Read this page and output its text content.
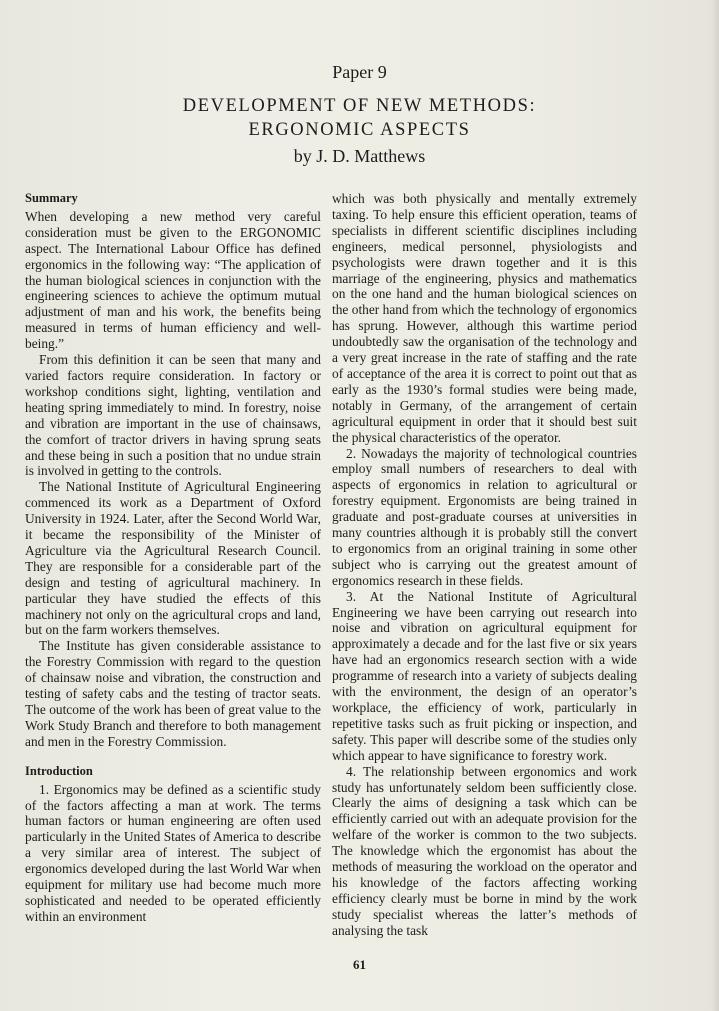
Paper 9
DEVELOPMENT OF NEW METHODS:
ERGONOMIC ASPECTS
by J. D. Matthews
Summary

When developing a new method very careful consideration must be given to the ERGONOMIC aspect. The International Labour Office has defined ergonomics in the following way: “The application of the human biological sciences in conjunction with the engineering sciences to achieve the optimum mutual adjustment of man and his work, the benefits being measured in terms of human efficiency and well-being.”

From this definition it can be seen that many and varied factors require consideration. In factory or workshop conditions sight, lighting, ventilation and heating spring immediately to mind. In forestry, noise and vibration are important in the use of chainsaws, the comfort of tractor drivers in having sprung seats and these being in such a position that no undue strain is involved in getting to the controls.

The National Institute of Agricultural Engineering commenced its work as a Department of Oxford University in 1924. Later, after the Second World War, it became the responsibility of the Minister of Agriculture via the Agricultural Research Council. They are responsible for a considerable part of the design and testing of agricultural machinery. In particular they have studied the effects of this machinery not only on the agricultural crops and land, but on the farm workers themselves.

The Institute has given considerable assistance to the Forestry Commission with regard to the question of chainsaw noise and vibration, the construction and testing of safety cabs and the testing of tractor seats. The outcome of the work has been of great value to the Work Study Branch and therefore to both management and men in the Forestry Commission.

Introduction

1. Ergonomics may be defined as a scientific study of the factors affecting a man at work. The terms human factors or human engineering are often used particularly in the United States of America to describe a very similar area of interest. The subject of ergonomics developed during the last World War when equipment for military use had become much more sophisticated and needed to be operated efficiently within an environment

which was both physically and mentally extremely taxing. To help ensure this efficient operation, teams of specialists in different scientific disciplines including engineers, medical personnel, physiologists and psychologists were drawn together and it is this marriage of the engineering, physics and mathematics on the one hand and the human biological sciences on the other hand from which the technology of ergonomics has sprung. However, although this wartime period undoubtedly saw the organisation of the technology and a very great increase in the rate of staffing and the rate of acceptance of the area it is correct to point out that as early as the 1930’s formal studies were being made, notably in Germany, of the arrangement of certain agricultural equipment in order that it should best suit the physical characteristics of the operator.

2. Nowadays the majority of technological countries employ small numbers of researchers to deal with aspects of ergonomics in relation to agricultural or forestry equipment. Ergonomists are being trained in graduate and post-graduate courses at universities in many countries although it is probably still the convert to ergonomics from an original training in some other subject who is carrying out the greatest amount of ergonomics research in these fields.

3. At the National Institute of Agricultural Engineering we have been carrying out research into noise and vibration on agricultural equipment for approximately a decade and for the last five or six years have had an ergonomics research section with a wide programme of research into a variety of subjects dealing with the environment, the design of an operator’s workplace, the efficiency of work, particularly in repetitive tasks such as fruit picking or inspection, and safety. This paper will describe some of the studies only which appear to have significance to forestry work.

4. The relationship between ergonomics and work study has unfortunately seldom been sufficiently close. Clearly the aims of designing a task which can be efficiently carried out with an adequate provision for the welfare of the worker is common to the two subjects. The knowledge which the ergonomist has about the methods of measuring the workload on the operator and his knowledge of the factors affecting working efficiency clearly must be borne in mind by the work study specialist whereas the latter’s methods of analysing the task

61
